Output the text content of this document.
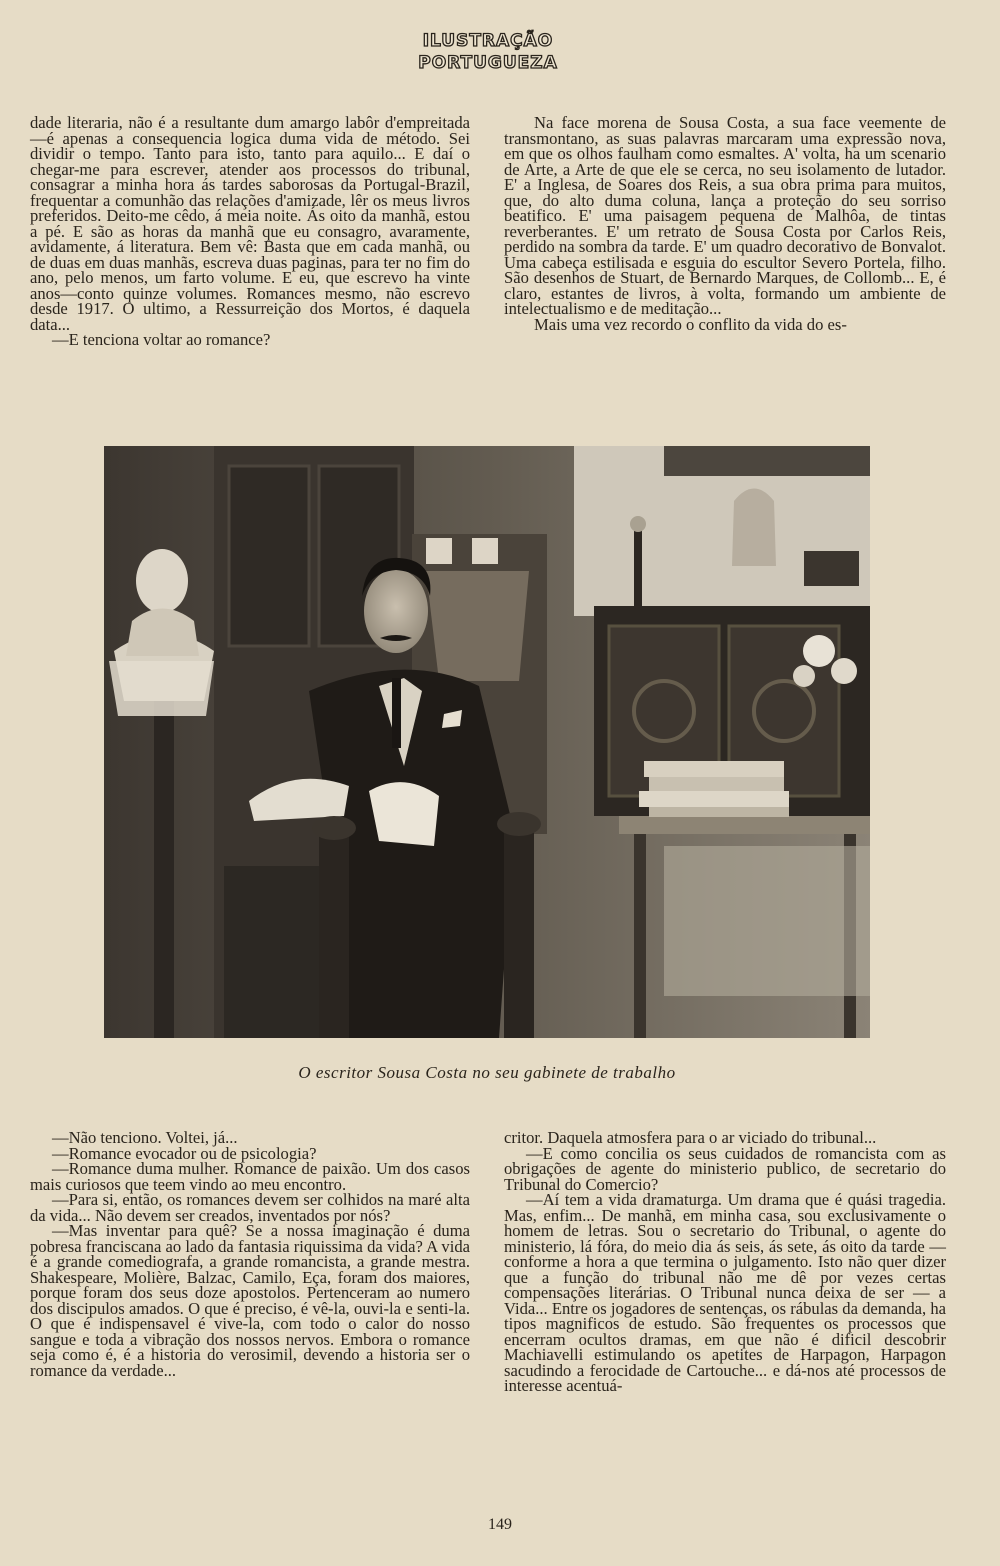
ILUSTRAÇÃO
PORTUGUEZA

dade literaria, não é a resultante dum amargo labôr d'empreitada—é apenas a consequencia logica duma vida de método. Sei dividir o tempo. Tanto para isto, tanto para aquilo... E daí o chegar-me para escrever, atender aos processos do tribunal, consagrar a minha hora ás tardes saborosas da Portugal-Brazil, frequentar a comunhão das relações d'amizade, lêr os meus livros preferidos. Deito-me cêdo, á meia noite. Ás oito da manhã, estou a pé. E são as horas da manhã que eu consagro, avaramente, avidamente, á literatura. Bem vê: Basta que em cada manhã, ou de duas em duas manhãs, escreva duas paginas, para ter no fim do ano, pelo menos, um farto volume. E eu, que escrevo ha vinte anos—conto quinze volumes. Romances mesmo, não escrevo desde 1917. O ultimo, a Ressurreição dos Mortos, é daquela data...

—E tenciona voltar ao romance?

Na face morena de Sousa Costa, a sua face veemente de transmontano, as suas palavras marcaram uma expressão nova, em que os olhos faulham como esmaltes. A' volta, ha um scenario de Arte, a Arte de que ele se cerca, no seu isolamento de lutador. E' a Inglesa, de Soares dos Reis, a sua obra prima para muitos, que, do alto duma coluna, lança a proteção do seu sorriso beatifico. E' uma paisagem pequena de Malhôa, de tintas reverberantes. E' um retrato de Sousa Costa por Carlos Reis, perdido na sombra da tarde. E' um quadro decorativo de Bonvalot. Uma cabeça estilisada e esguia do escultor Severo Portela, filho. São desenhos de Stuart, de Bernardo Marques, de Collomb... E, é claro, estantes de livros, à volta, formando um ambiente de intelectualismo e de meditação...

Mais uma vez recordo o conflito da vida do es-

O escritor Sousa Costa no seu gabinete de trabalho

—Não tenciono. Voltei, já...

—Romance evocador ou de psicologia?

—Romance duma mulher. Romance de paixão. Um dos casos mais curiosos que teem vindo ao meu encontro.

—Para si, então, os romances devem ser colhidos na maré alta da vida... Não devem ser creados, inventados por nós?

—Mas inventar para quê? Se a nossa imaginação é duma pobresa franciscana ao lado da fantasia riquissima da vida? A vida é a grande comediografa, a grande romancista, a grande mestra. Shakespeare, Molière, Balzac, Camilo, Eça, foram dos maiores, porque foram dos seus doze apostolos. Pertenceram ao numero dos discipulos amados. O que é preciso, é vê-la, ouvi-la e senti-la. O que é indispensavel é vive-la, com todo o calor do nosso sangue e toda a vibração dos nossos nervos. Embora o romance seja como é, é a historia do verosimil, devendo a historia ser o romance da verdade...

critor. Daquela atmosfera para o ar viciado do tribunal...

—E como concilia os seus cuidados de romancista com as obrigações de agente do ministerio publico, de secretario do Tribunal do Comercio?

—Aí tem a vida dramaturga. Um drama que é quási tragedia. Mas, enfim... De manhã, em minha casa, sou exclusivamente o homem de letras. Sou o secretario do Tribunal, o agente do ministerio, lá fóra, do meio dia ás seis, ás sete, ás oito da tarde — conforme a hora a que termina o julgamento. Isto não quer dizer que a função do tribunal não me dê por vezes certas compensações literárias. O Tribunal nunca deixa de ser — a Vida... Entre os jogadores de sentenças, os rábulas da demanda, ha tipos magnificos de estudo. São frequentes os processos que encerram ocultos dramas, em que não é dificil descobrir Machiavelli estimulando os apetites de Harpagon, Harpagon sacudindo a ferocidade de Cartouche... e dá-nos até processos de interesse acentuá-

149
